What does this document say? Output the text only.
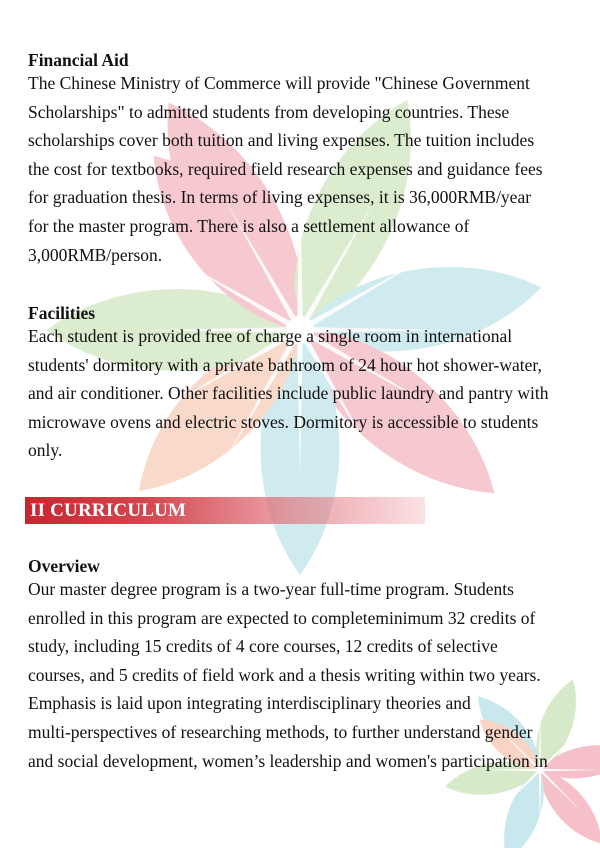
Financial Aid
The Chinese Ministry of Commerce will provide "Chinese Government
Scholarships" to admitted students from developing countries. These
scholarships cover both tuition and living expenses. The tuition includes
the cost for textbooks, required field research expenses and guidance fees
for graduation thesis. In terms of living expenses, it is 36,000RMB/year
for the master program. There is also a settlement allowance of
3,000RMB/person.
Facilities
Each student is provided free of charge a single room in international
students' dormitory with a private bathroom of 24 hour hot shower-water,
and air conditioner. Other facilities include public laundry and pantry with
microwave ovens and electric stoves. Dormitory is accessible to students
only.
Overview
Our master degree program is a two-year full-time program. Students
enrolled in this program are expected to completeminimum 32 credits of
study, including 15 credits of 4 core courses, 12 credits of selective
courses, and 5 credits of field work and a thesis writing within two years.
Emphasis is laid upon integrating interdisciplinary theories and
multi-perspectives of researching methods, to further understand gender
and social development, women’s leadership and women's participation in
II CURRICULUM
